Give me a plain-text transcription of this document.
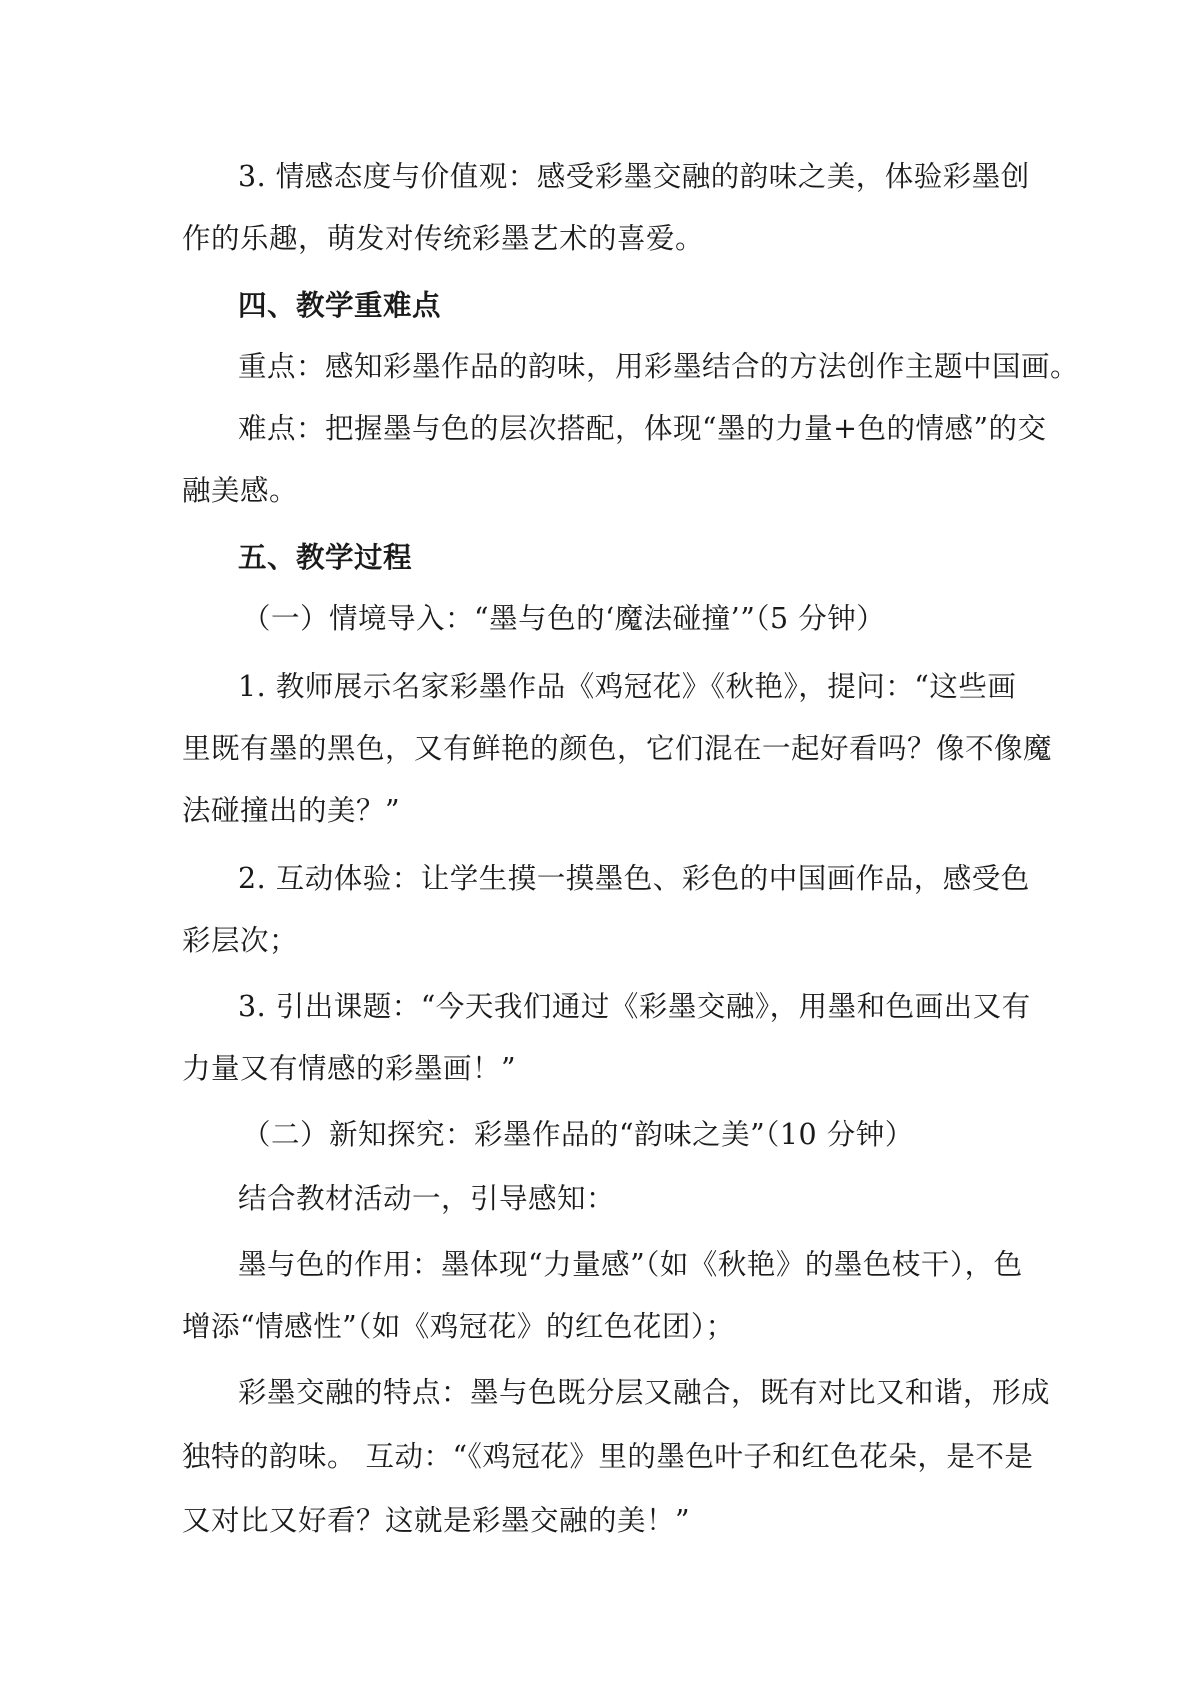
3. 情感态度与价值观：感受彩墨交融的韵味之美，体验彩墨创
作的乐趣，萌发对传统彩墨艺术的喜爱。
四、教学重难点
重点：感知彩墨作品的韵味，用彩墨结合的方法创作主题中国画。
难点：把握墨与色的层次搭配，体现“墨的力量+色的情感”的交
融美感。
五、教学过程
（一）情境导入：“墨与色的‘魔法碰撞’”（5 分钟）
1. 教师展示名家彩墨作品《鸡冠花》《秋艳》，提问：“这些画
里既有墨的黑色，又有鲜艳的颜色，它们混在一起好看吗？像不像魔
法碰撞出的美？”
2. 互动体验：让学生摸一摸墨色、彩色的中国画作品，感受色
彩层次；
3. 引出课题：“今天我们通过《彩墨交融》，用墨和色画出又有
力量又有情感的彩墨画！”
（二）新知探究：彩墨作品的“韵味之美”（10 分钟）
结合教材活动一，引导感知：
墨与色的作用：墨体现“力量感”（如《秋艳》的墨色枝干），色
增添“情感性”（如《鸡冠花》的红色花团）；
彩墨交融的特点：墨与色既分层又融合，既有对比又和谐，形成
独特的韵味。 互动：“《鸡冠花》里的墨色叶子和红色花朵，是不是
又对比又好看？这就是彩墨交融的美！”
